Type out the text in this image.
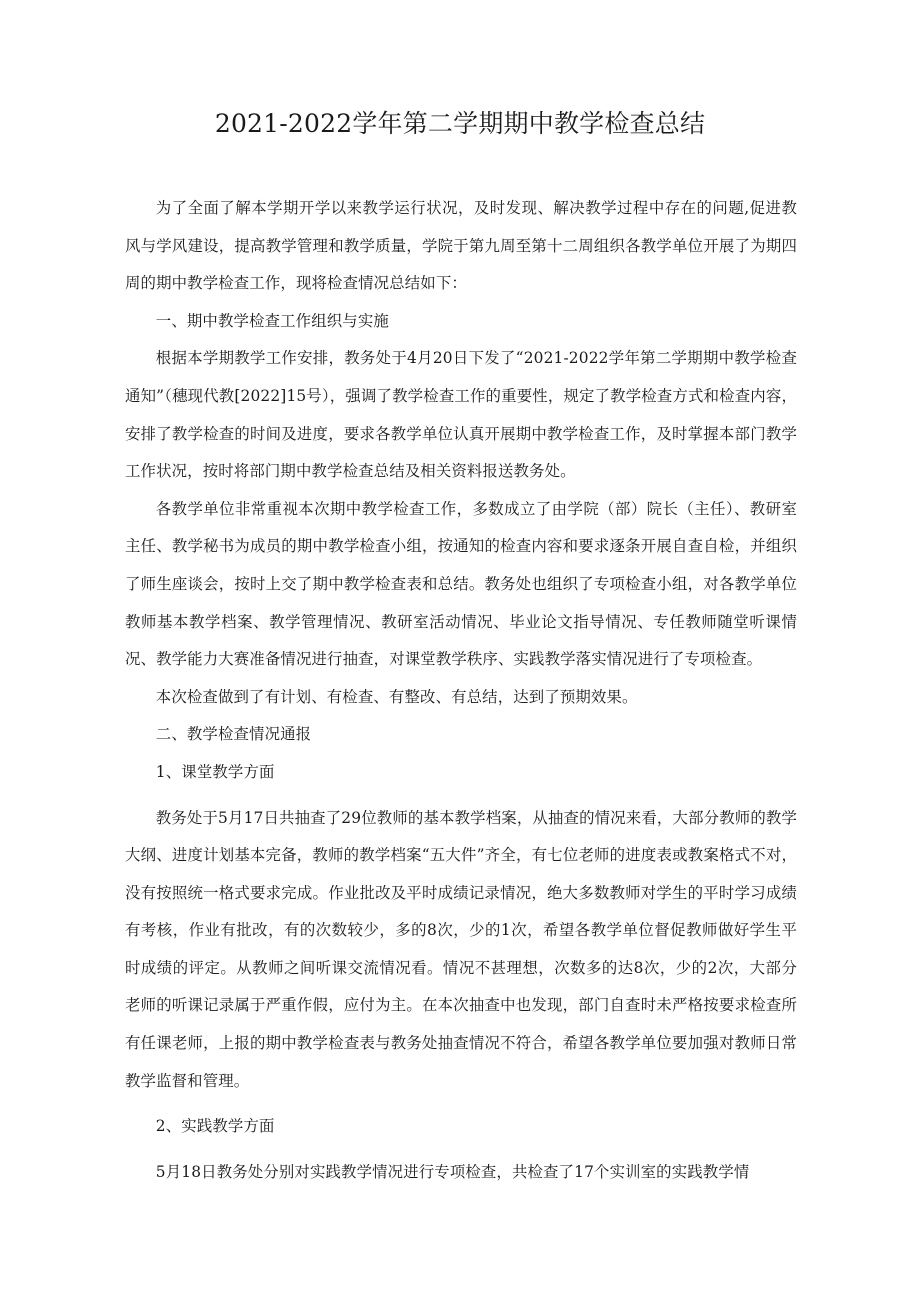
2021-2022学年第二学期期中教学检查总结

为了全面了解本学期开学以来教学运行状况，及时发现、解决教学过程中存在的问题,促进教风与学风建设，提高教学管理和教学质量，学院于第九周至第十二周组织各教学单位开展了为期四周的期中教学检查工作，现将检查情况总结如下：

一、期中教学检查工作组织与实施

根据本学期教学工作安排，教务处于4月20日下发了“2021-2022学年第二学期期中教学检查通知”（穗现代教[2022]15号），强调了教学检查工作的重要性，规定了教学检查方式和检查内容，安排了教学检查的时间及进度，要求各教学单位认真开展期中教学检查工作，及时掌握本部门教学工作状况，按时将部门期中教学检查总结及相关资料报送教务处。

各教学单位非常重视本次期中教学检查工作，多数成立了由学院（部）院长（主任）、教研室主任、教学秘书为成员的期中教学检查小组，按通知的检查内容和要求逐条开展自查自检，并组织了师生座谈会，按时上交了期中教学检查表和总结。教务处也组织了专项检查小组，对各教学单位教师基本教学档案、教学管理情况、教研室活动情况、毕业论文指导情况、专任教师随堂听课情况、教学能力大赛准备情况进行抽查，对课堂教学秩序、实践教学落实情况进行了专项检查。

本次检查做到了有计划、有检查、有整改、有总结，达到了预期效果。

二、教学检查情况通报

1、课堂教学方面

教务处于5月17日共抽查了29位教师的基本教学档案，从抽查的情况来看，大部分教师的教学大纲、进度计划基本完备，教师的教学档案“五大件”齐全，有七位老师的进度表或教案格式不对，没有按照统一格式要求完成。作业批改及平时成绩记录情况，绝大多数教师对学生的平时学习成绩有考核，作业有批改，有的次数较少，多的8次，少的1次，希望各教学单位督促教师做好学生平时成绩的评定。从教师之间听课交流情况看。情况不甚理想，次数多的达8次，少的2次，大部分老师的听课记录属于严重作假，应付为主。在本次抽查中也发现，部门自查时未严格按要求检查所有任课老师，上报的期中教学检查表与教务处抽查情况不符合，希望各教学单位要加强对教师日常教学监督和管理。

2、实践教学方面

5月18日教务处分别对实践教学情况进行专项检查，共检查了17个实训室的实践教学情
